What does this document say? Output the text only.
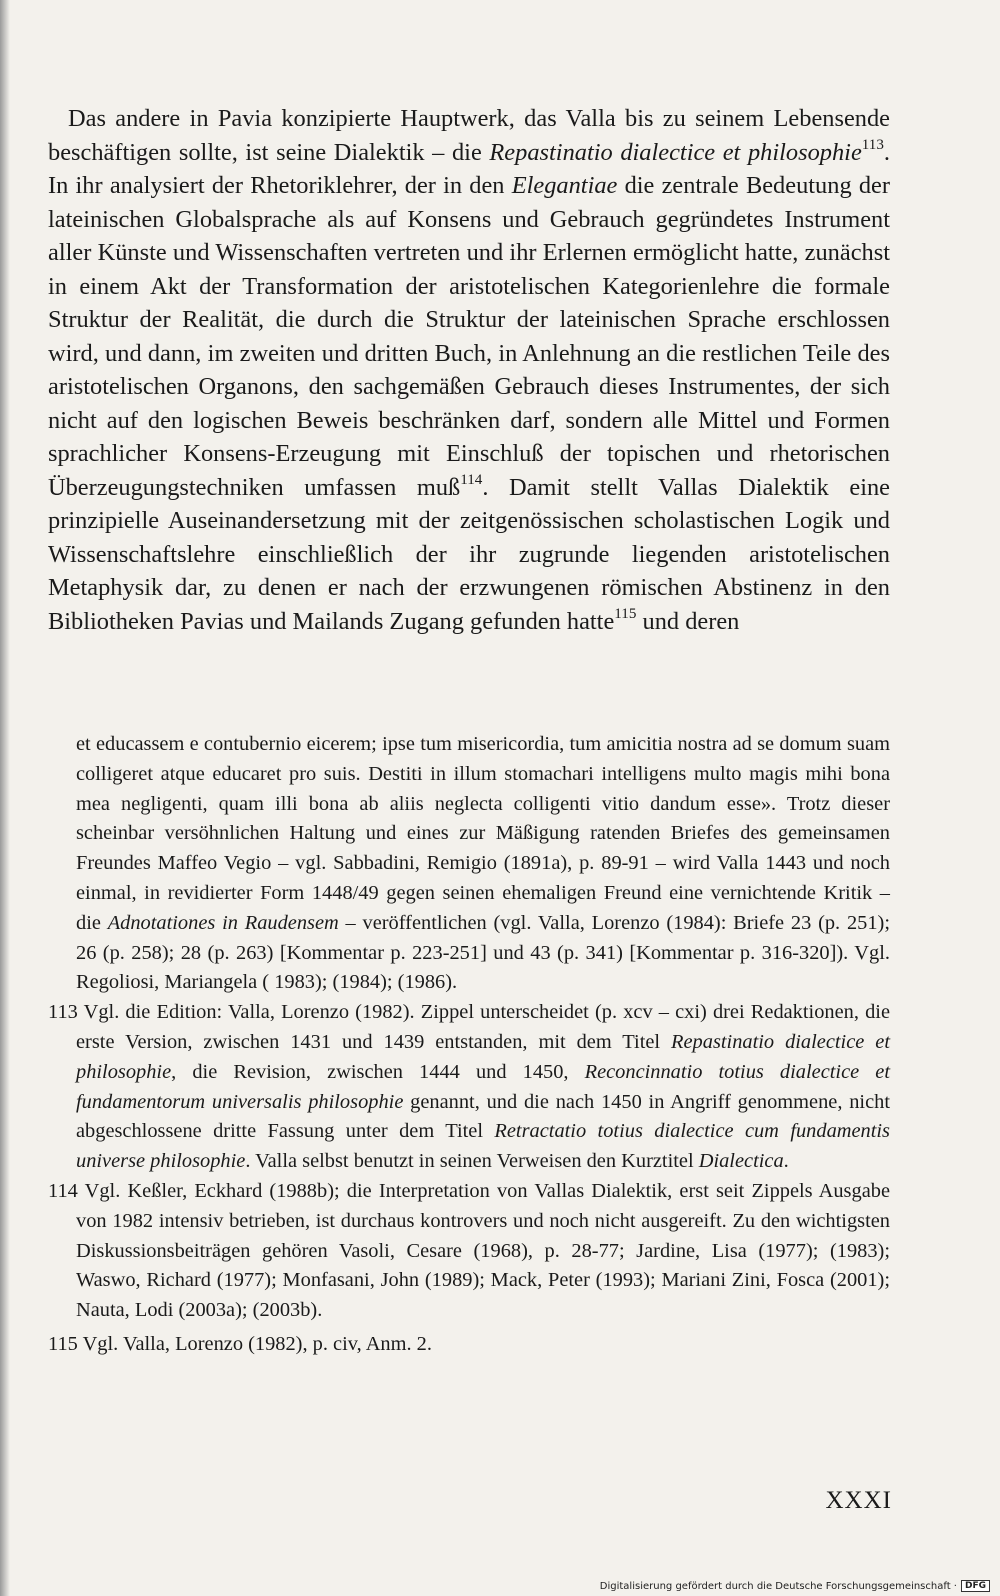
Das andere in Pavia konzipierte Hauptwerk, das Valla bis zu seinem Lebensende beschäftigen sollte, ist seine Dialektik – die Repastinatio dialectice et philosophie$^{113}$. In ihr analysiert der Rhetoriklehrer, der in den Elegantiae die zentrale Bedeutung der lateinischen Globalsprache als auf Konsens und Gebrauch gegründetes Instrument aller Künste und Wissenschaften vertreten und ihr Erlernen ermöglicht hatte, zunächst in einem Akt der Transformation der aristotelischen Kategorienlehre die formale Struktur der Realität, die durch die Struktur der lateinischen Sprache erschlossen wird, und dann, im zweiten und dritten Buch, in Anlehnung an die restlichen Teile des aristotelischen Organons, den sachgemäßen Gebrauch dieses Instrumentes, der sich nicht auf den logischen Beweis beschränken darf, sondern alle Mittel und Formen sprachlicher Konsens-Erzeugung mit Einschluß der topischen und rhetorischen Überzeugungstechniken umfassen muß$^{114}$. Damit stellt Vallas Dialektik eine prinzipielle Auseinandersetzung mit der zeitgenössischen scholastischen Logik und Wissenschaftslehre einschließlich der ihr zugrunde liegenden aristotelischen Metaphysik dar, zu denen er nach der erzwungenen römischen Abstinenz in den Bibliotheken Pavias und Mailands Zugang gefunden hatte$^{115}$ und deren

et educassem e contubernio eicerem; ipse tum misericordia, tum amicitia nostra ad se domum suam colligeret atque educaret pro suis. Destiti in illum stomachari intelligens multo magis mihi bona mea negligenti, quam illi bona ab aliis neglecta colligenti vitio dandum esse». Trotz dieser scheinbar versöhnlichen Haltung und eines zur Mäßigung ratenden Briefes des gemeinsamen Freundes Maffeo Vegio – vgl. Sabbadini, Remigio (1891a), p. 89-91 – wird Valla 1443 und noch einmal, in revidierter Form 1448/49 gegen seinen ehemaligen Freund eine vernichtende Kritik – die Adnotationes in Raudensem – veröffentlichen (vgl. Valla, Lorenzo (1984): Briefe 23 (p. 251); 26 (p. 258); 28 (p. 263) [Kommentar p. 223-251] und 43 (p. 341) [Kommentar p. 316-320]). Vgl. Regoliosi, Mariangela ( 1983); (1984); (1986).

113 Vgl. die Edition: Valla, Lorenzo (1982). Zippel unterscheidet (p. xcv – cxi) drei Redaktionen, die erste Version, zwischen 1431 und 1439 entstanden, mit dem Titel Repastinatio dialectice et philosophie, die Revision, zwischen 1444 und 1450, Reconcinnatio totius dialectice et fundamentorum universalis philosophie genannt, und die nach 1450 in Angriff genommene, nicht abgeschlossene dritte Fassung unter dem Titel Retractatio totius dialectice cum fundamentis universe philosophie. Valla selbst benutzt in seinen Verweisen den Kurztitel Dialectica.

114 Vgl. Keßler, Eckhard (1988b); die Interpretation von Vallas Dialektik, erst seit Zippels Ausgabe von 1982 intensiv betrieben, ist durchaus kontrovers und noch nicht ausgereift. Zu den wichtigsten Diskussionsbeiträgen gehören Vasoli, Cesare (1968), p. 28-77; Jardine, Lisa (1977); (1983); Waswo, Richard (1977); Monfasani, John (1989); Mack, Peter (1993); Mariani Zini, Fosca (2001); Nauta, Lodi (2003a); (2003b).

115 Vgl. Valla, Lorenzo (1982), p. civ, Anm. 2.

XXXI
Digitalisierung gefördert durch die Deutsche Forschungsgemeinschaft · DFG
